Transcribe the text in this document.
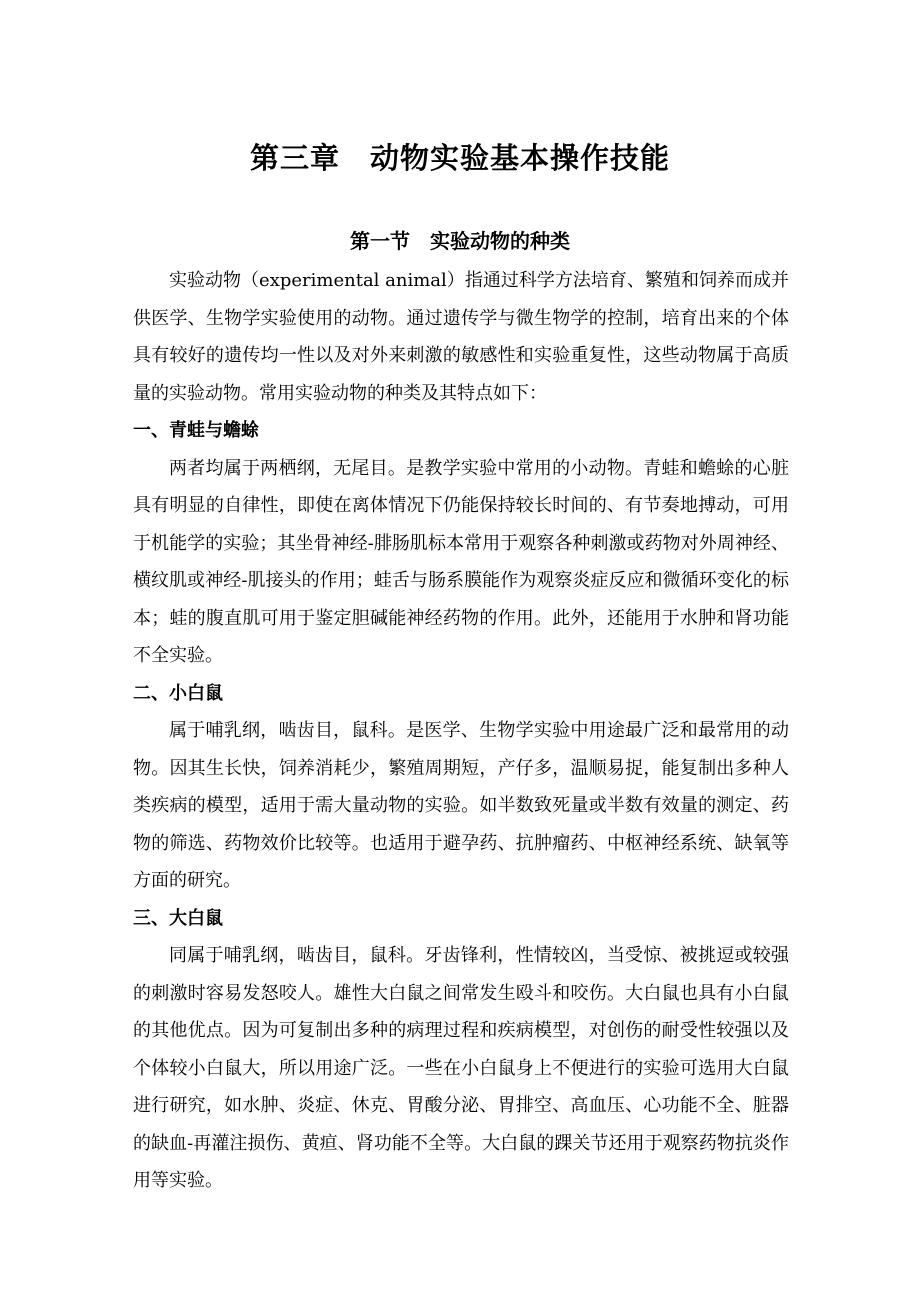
第三章　动物实验基本操作技能
第一节　实验动物的种类

实验动物（experimental animal）指通过科学方法培育、繁殖和饲养而成并供医学、生物学实验使用的动物。通过遗传学与微生物学的控制，培育出来的个体具有较好的遗传均一性以及对外来刺激的敏感性和实验重复性，这些动物属于高质量的实验动物。常用实验动物的种类及其特点如下：

一、青蛙与蟾蜍

两者均属于两栖纲，无尾目。是教学实验中常用的小动物。青蛙和蟾蜍的心脏具有明显的自律性，即使在离体情况下仍能保持较长时间的、有节奏地搏动，可用于机能学的实验；其坐骨神经-腓肠肌标本常用于观察各种刺激或药物对外周神经、横纹肌或神经-肌接头的作用；蛙舌与肠系膜能作为观察炎症反应和微循环变化的标本；蛙的腹直肌可用于鉴定胆碱能神经药物的作用。此外，还能用于水肿和肾功能不全实验。

二、小白鼠

属于哺乳纲，啮齿目，鼠科。是医学、生物学实验中用途最广泛和最常用的动物。因其生长快，饲养消耗少，繁殖周期短，产仔多，温顺易捉，能复制出多种人类疾病的模型，适用于需大量动物的实验。如半数致死量或半数有效量的测定、药物的筛选、药物效价比较等。也适用于避孕药、抗肿瘤药、中枢神经系统、缺氧等方面的研究。

三、大白鼠

同属于哺乳纲，啮齿目，鼠科。牙齿锋利，性情较凶，当受惊、被挑逗或较强的刺激时容易发怒咬人。雄性大白鼠之间常发生殴斗和咬伤。大白鼠也具有小白鼠的其他优点。因为可复制出多种的病理过程和疾病模型，对创伤的耐受性较强以及个体较小白鼠大，所以用途广泛。一些在小白鼠身上不便进行的实验可选用大白鼠进行研究，如水肿、炎症、休克、胃酸分泌、胃排空、高血压、心功能不全、脏器的缺血-再灌注损伤、黄疸、肾功能不全等。大白鼠的踝关节还用于观察药物抗炎作用等实验。
